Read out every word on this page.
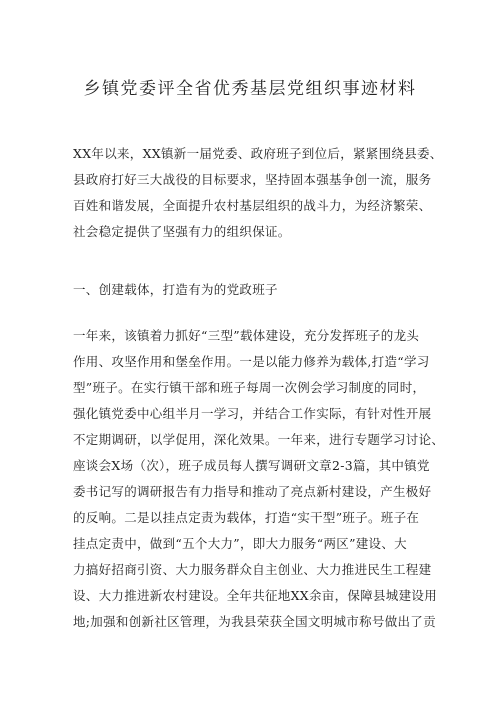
乡镇党委评全省优秀基层党组织事迹材料
XX年以来，XX镇新一届党委、政府班子到位后，紧紧围绕县委、
县政府打好三大战役的目标要求，坚持固本强基争创一流，服务
百姓和谐发展，全面提升农村基层组织的战斗力，为经济繁荣、
社会稳定提供了坚强有力的组织保证。
一、创建载体，打造有为的党政班子
一年来，该镇着力抓好“三型”载体建设，充分发挥班子的龙头
作用、攻坚作用和堡垒作用。一是以能力修养为载体,打造“学习
型”班子。在实行镇干部和班子每周一次例会学习制度的同时，
强化镇党委中心组半月一学习，并结合工作实际，有针对性开展
不定期调研，以学促用，深化效果。一年来，进行专题学习讨论、
座谈会X场（次），班子成员每人撰写调研文章2-3篇，其中镇党
委书记写的调研报告有力指导和推动了亮点新村建设，产生极好
的反响。二是以挂点定责为载体，打造“实干型”班子。班子在
挂点定责中，做到“五个大力”，即大力服务“两区”建设、大
力搞好招商引资、大力服务群众自主创业、大力推进民生工程建
设、大力推进新农村建设。全年共征地XX余亩，保障县城建设用
地;加强和创新社区管理，为我县荣获全国文明城市称号做出了贡
